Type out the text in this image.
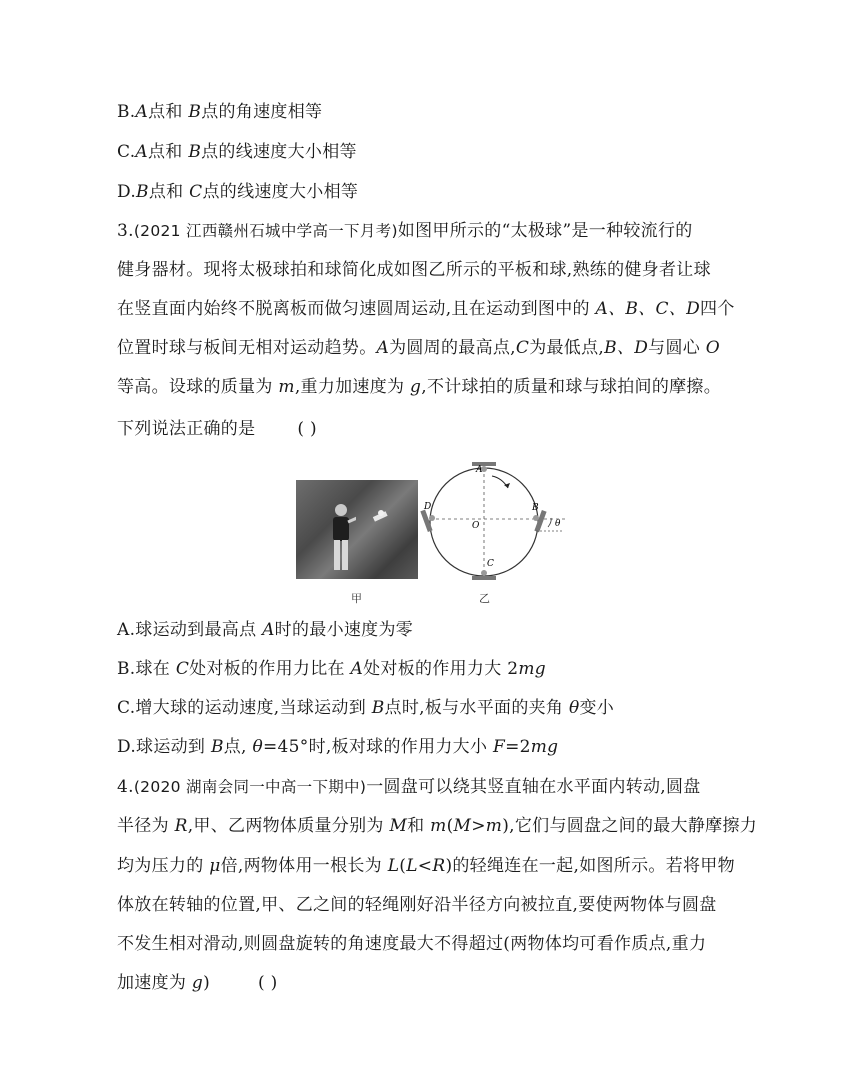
B.A点和 B点的角速度相等
C.A点和 B点的线速度大小相等
D.B点和 C点的线速度大小相等
3.(2021 江西赣州石城中学高一下月考)如图甲所示的“太极球”是一种较流行的
健身器材。现将太极球拍和球简化成如图乙所示的平板和球,熟练的健身者让球
在竖直面内始终不脱离板而做匀速圆周运动,且在运动到图中的 A、B、C、D四个
位置时球与板间无相对运动趋势。A为圆周的最高点,C为最低点,B、D与圆心 O
等高。设球的质量为 m,重力加速度为 g,不计球拍的质量和球与球拍间的摩擦。
下列说法正确的是 ( )
甲
A
B
C
D
O	θ
乙
A.球运动到最高点 A时的最小速度为零
B.球在 C处对板的作用力比在 A处对板的作用力大 2mg
C.增大球的运动速度,当球运动到 B点时,板与水平面的夹角 θ变小
D.球运动到 B点, θ=45°时,板对球的作用力大小 F=2mg
4.(2020 湖南会同一中高一下期中)一圆盘可以绕其竖直轴在水平面内转动,圆盘
半径为 R,甲、乙两物体质量分别为 M和 m(M>m),它们与圆盘之间的最大静摩擦力
均为压力的 μ倍,两物体用一根长为 L(L<R)的轻绳连在一起,如图所示。若将甲物
体放在转轴的位置,甲、乙之间的轻绳刚好沿半径方向被拉直,要使两物体与圆盘
不发生相对滑动,则圆盘旋转的角速度最大不得超过(两物体均可看作质点,重力
加速度为 g)	( )
